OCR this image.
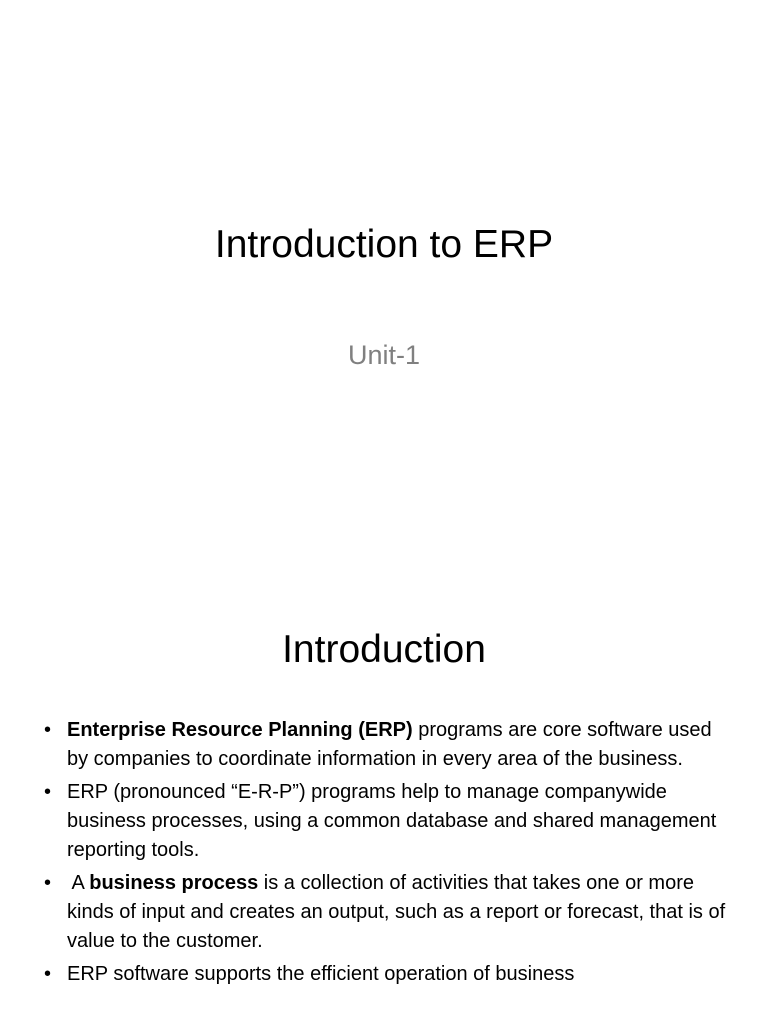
Introduction to ERP
Unit-1
Introduction
• Enterprise Resource Planning (ERP) programs are core software used by companies to coordinate information in every area of the business.
• ERP (pronounced “E-R-P”) programs help to manage companywide business processes, using a common database and shared management reporting tools.
• A business process is a collection of activities that takes one or more kinds of input and creates an output, such as a report or forecast, that is of value to the customer.
• ERP software supports the efficient operation of business
